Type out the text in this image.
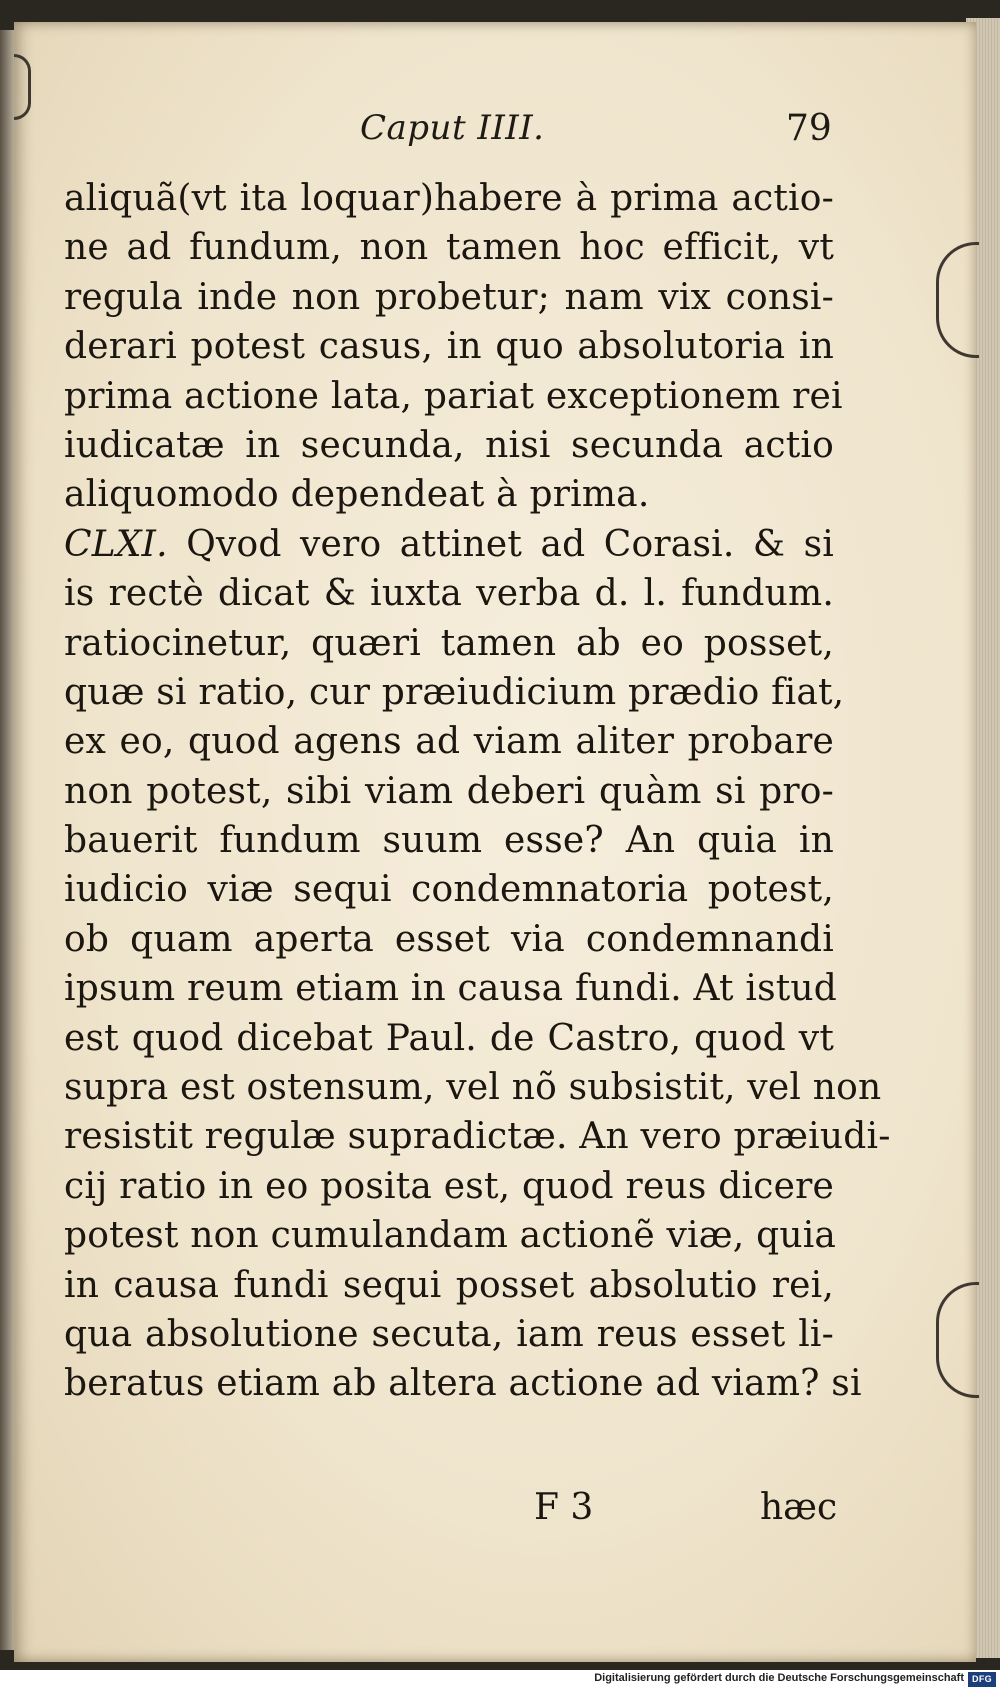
Caput IIII.	79
aliquã(vt ita loquar)habere à prima actio-
ne ad fundum, non tamen hoc efficit, vt
regula inde non probetur; nam vix consi-
derari potest casus, in quo absolutoria in
prima actione lata, pariat exceptionem rei
iudicatæ in secunda, nisi secunda actio
aliquomodo dependeat à prima.
CLXI. Qvod vero attinet ad Corasi. & si
is rectè dicat & iuxta verba d. l. fundum.
ratiocinetur, quæri tamen ab eo posset,
quæ si ratio, cur præiudicium prædio fiat,
ex eo, quod agens ad viam aliter probare
non potest, sibi viam deberi quàm si pro-
bauerit fundum suum esse? An quia in
iudicio viæ sequi condemnatoria potest,
ob quam aperta esset via condemnandi
ipsum reum etiam in causa fundi. At istud
est quod dicebat Paul. de Castro, quod vt
supra est ostensum, vel nõ subsistit, vel non
resistit regulæ supradictæ. An vero præiudi-
cij ratio in eo posita est, quod reus dicere
potest non cumulandam actionẽ viæ, quia
in causa fundi sequi posset absolutio rei,
qua absolutione secuta, iam reus esset li-
beratus etiam ab altera actione ad viam? si
F 3	hæc
Digitalisierung gefördert durch die Deutsche Forschungsgemeinschaft DFG
